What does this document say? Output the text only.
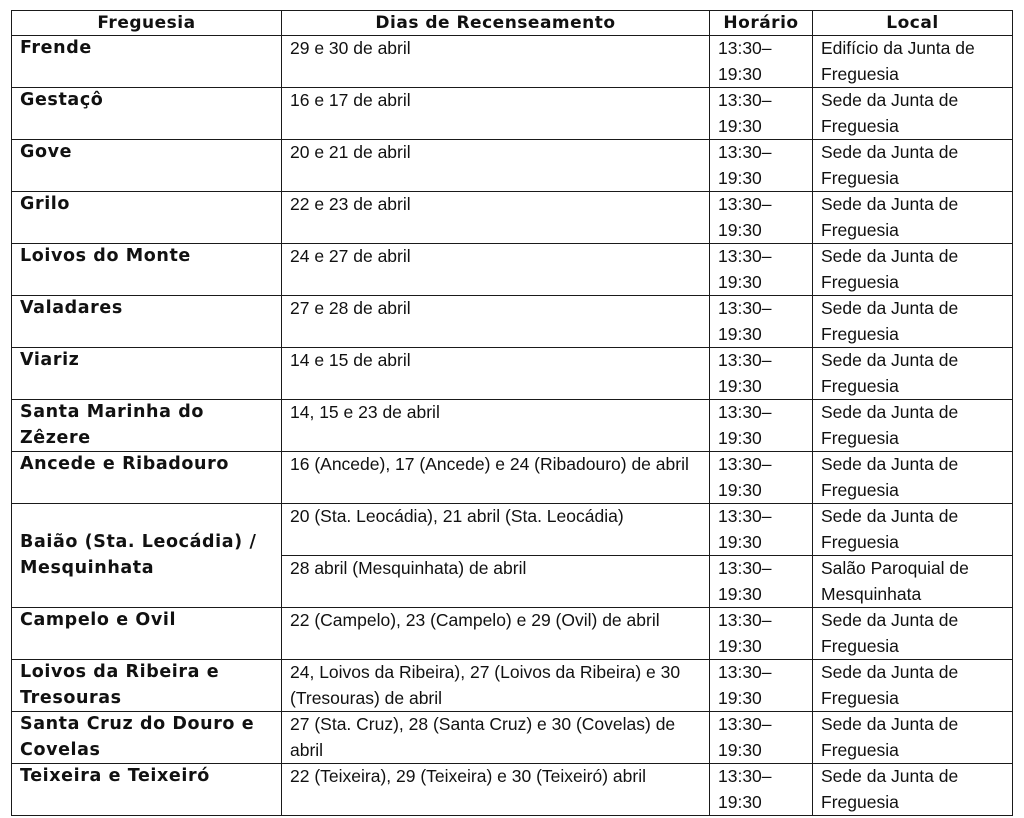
Freguesia	Dias de Recenseamento	Horário	Local
Frende	29 e 30 de abril	13:30–19:30	Edifício da Junta de Freguesia
Gestaçô	16 e 17 de abril	13:30–19:30	Sede da Junta de Freguesia
Gove	20 e 21 de abril	13:30–19:30	Sede da Junta de Freguesia
Grilo	22 e 23 de abril	13:30–19:30	Sede da Junta de Freguesia
Loivos do Monte	24 e 27 de abril	13:30–19:30	Sede da Junta de Freguesia
Valadares	27 e 28 de abril	13:30–19:30	Sede da Junta de Freguesia
Viariz	14 e 15 de abril	13:30–19:30	Sede da Junta de Freguesia
Santa Marinha do Zêzere	14, 15 e 23 de abril	13:30–19:30	Sede da Junta de Freguesia
Ancede e Ribadouro	16 (Ancede), 17 (Ancede) e 24 (Ribadouro) de abril	13:30–19:30	Sede da Junta de Freguesia
Baião (Sta. Leocádia) / Mesquinhata	20 (Sta. Leocádia), 21 abril (Sta. Leocádia)	13:30–19:30	Sede da Junta de Freguesia
	28 abril (Mesquinhata) de abril	13:30–19:30	Salão Paroquial de Mesquinhata
Campelo e Ovil	22 (Campelo), 23 (Campelo) e 29 (Ovil) de abril	13:30–19:30	Sede da Junta de Freguesia
Loivos da Ribeira e Tresouras	24, Loivos da Ribeira), 27 (Loivos da Ribeira) e 30 (Tresouras) de abril	13:30–19:30	Sede da Junta de Freguesia
Santa Cruz do Douro e Covelas	27 (Sta. Cruz), 28 (Santa Cruz) e 30 (Covelas) de abril	13:30–19:30	Sede da Junta de Freguesia
Teixeira e Teixeiró	22 (Teixeira), 29 (Teixeira) e 30 (Teixeiró) abril	13:30–19:30	Sede da Junta de Freguesia
